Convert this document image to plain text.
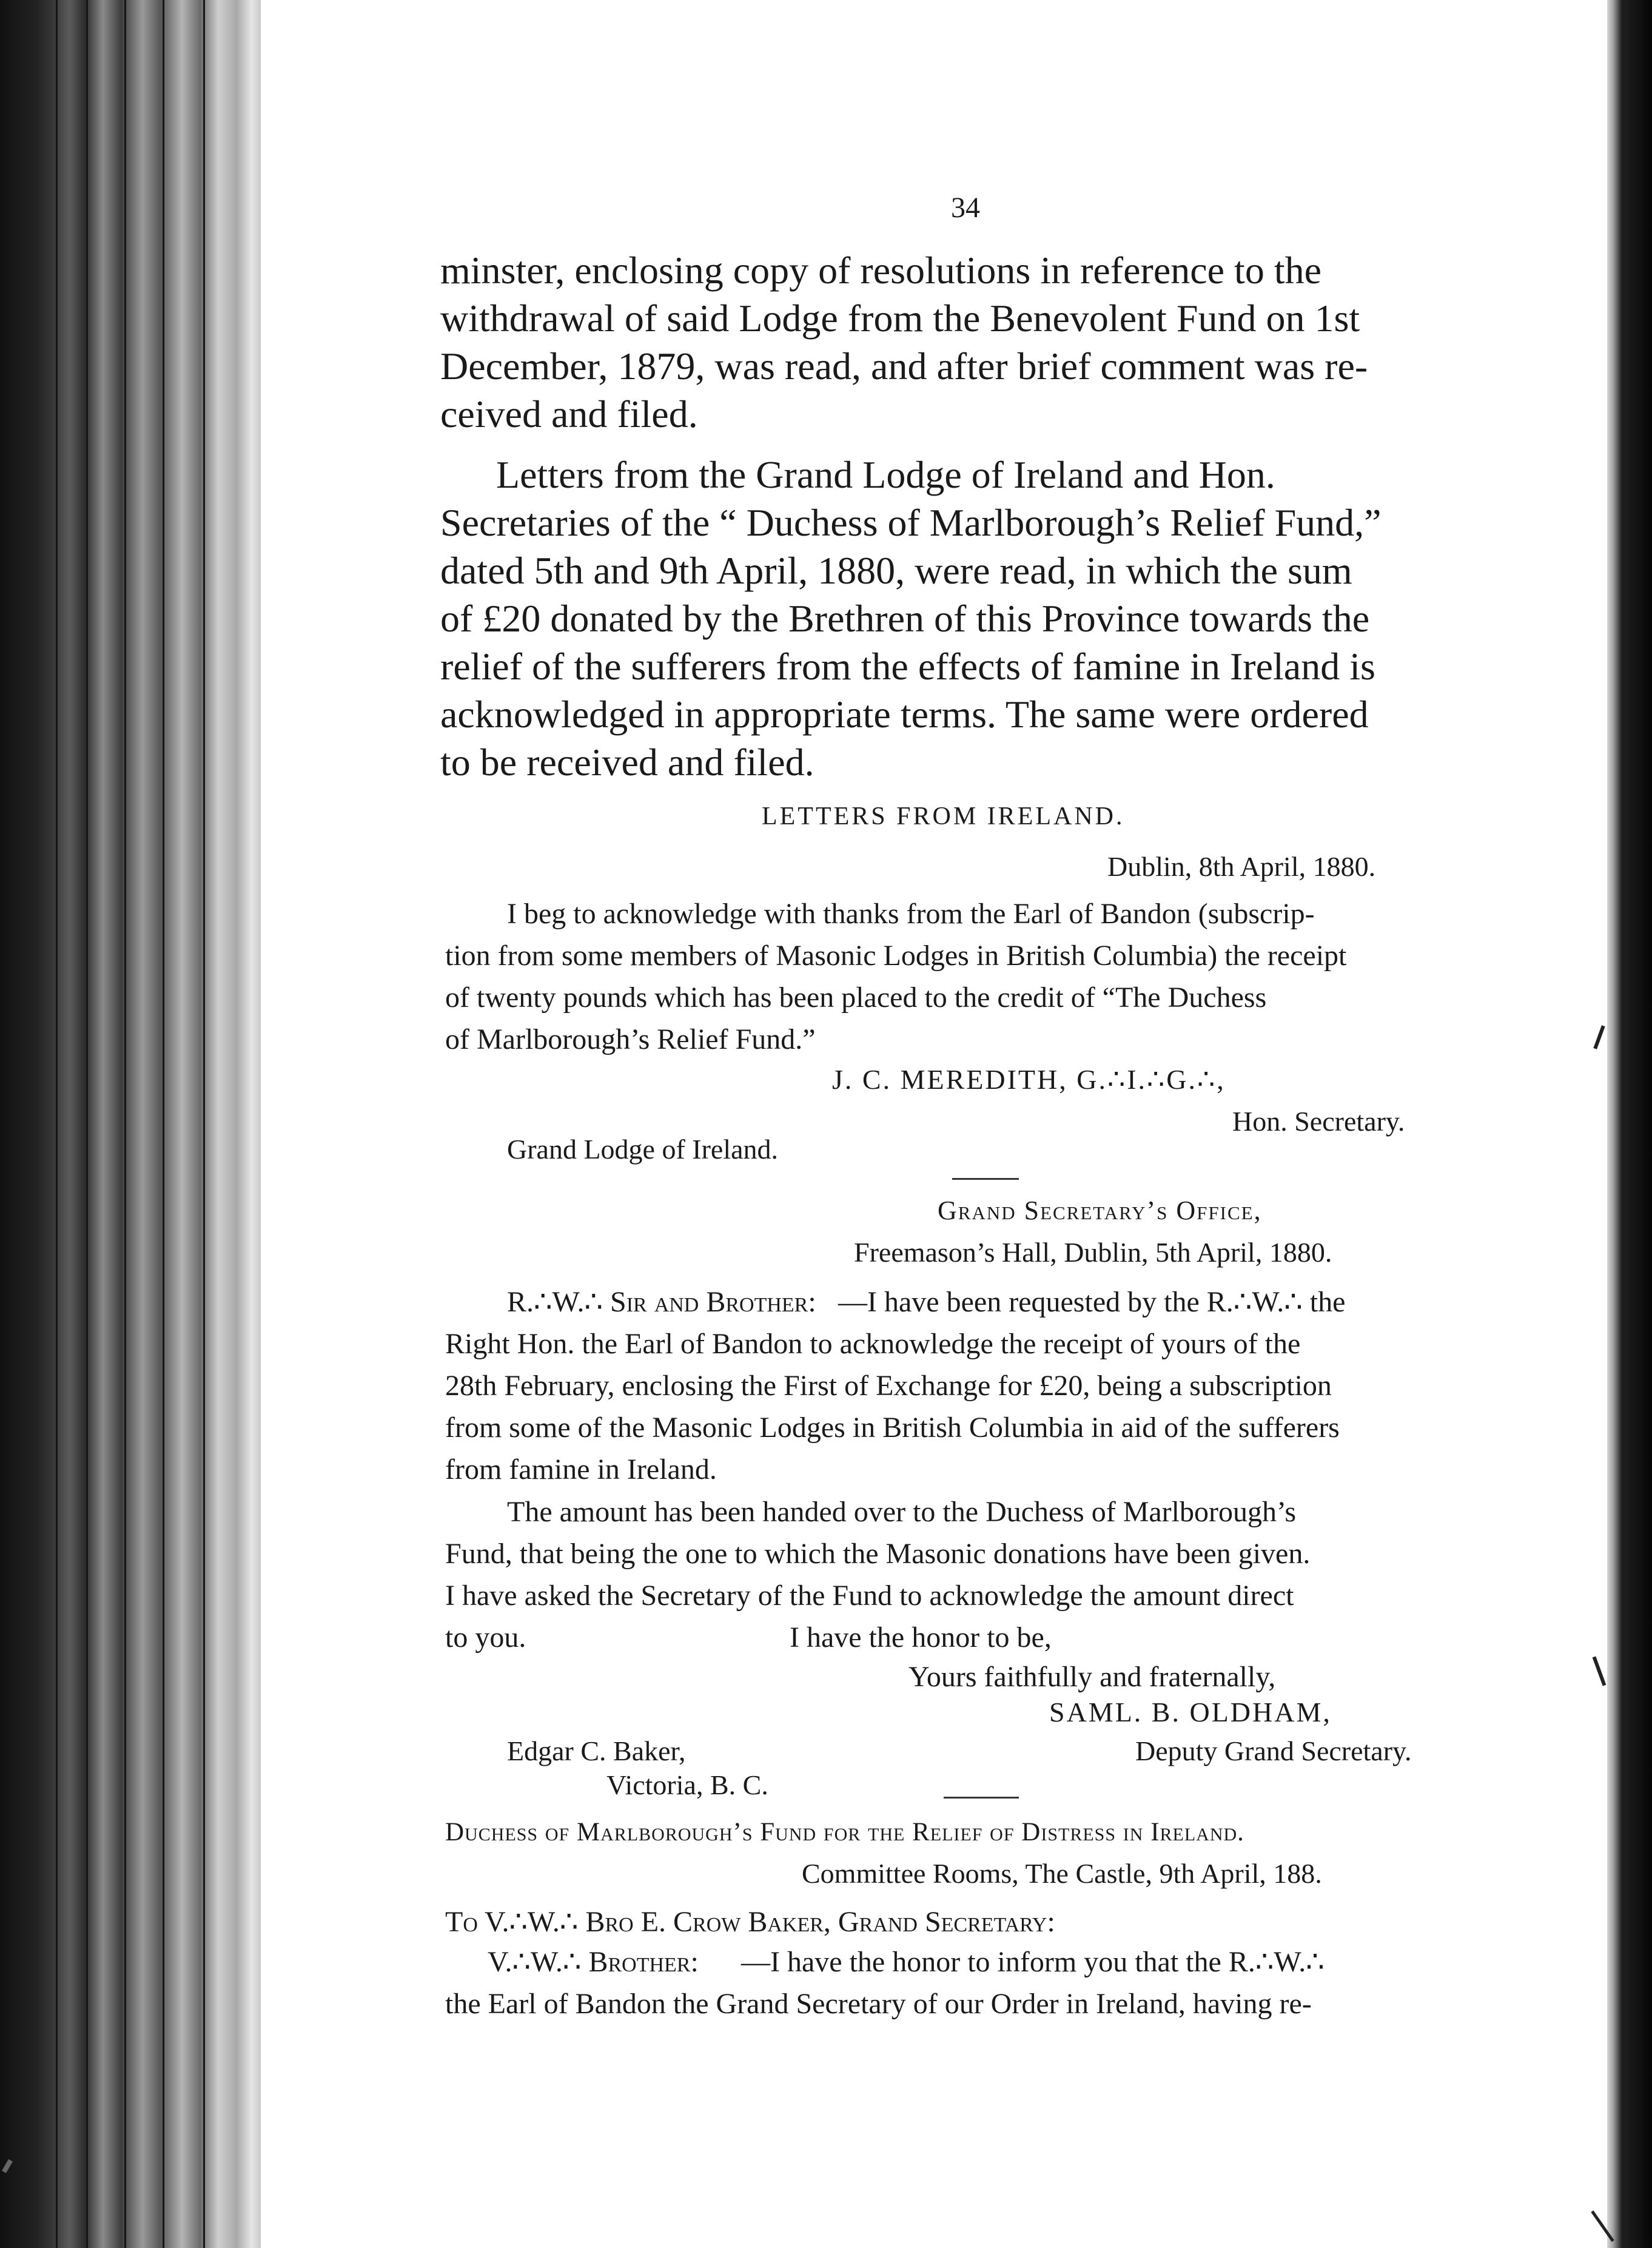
34

minster, enclosing copy of resolutions in reference to the

withdrawal of said Lodge from the Benevolent Fund on 1st

December, 1879, was read, and after brief comment was re-

ceived and filed.

Letters from the Grand Lodge of Ireland and Hon.

Secretaries of the “ Duchess of Marlborough’s Relief Fund,”

dated 5th and 9th April, 1880, were read, in which the sum

of £20 donated by the Brethren of this Province towards the

relief of the sufferers from the effects of famine in Ireland is

acknowledged in appropriate terms. The same were ordered

to be received and filed.

LETTERS FROM IRELAND.

Dublin, 8th April, 1880.

I beg to acknowledge with thanks from the Earl of Bandon (subscrip-

tion from some members of Masonic Lodges in British Columbia) the receipt

of twenty pounds which has been placed to the credit of “The Duchess

of Marlborough’s Relief Fund.”

J. C. MEREDITH, G.∴I.∴G.∴,

Hon. Secretary.

Grand Lodge of Ireland.

Grand Secretary’s Office,

Freemason’s Hall, Dublin, 5th April, 1880.

R.∴W.∴ Sir and Brother: —I have been requested by the R.∴W.∴ the

Right Hon. the Earl of Bandon to acknowledge the receipt of yours of the

28th February, enclosing the First of Exchange for £20, being a subscription

from some of the Masonic Lodges in British Columbia in aid of the sufferers

from famine in Ireland.

The amount has been handed over to the Duchess of Marlborough’s

Fund, that being the one to which the Masonic donations have been given.

I have asked the Secretary of the Fund to acknowledge the amount direct

to you.	I have the honor to be,

Yours faithfully and fraternally,

SAML. B. OLDHAM,

Deputy Grand Secretary.

Edgar C. Baker,

Victoria, B. C.

Duchess of Marlborough’s Fund for the Relief of Distress in Ireland.

Committee Rooms, The Castle, 9th April, 188.

To V.∴W.∴ Bro E. Crow Baker, Grand Secretary:

V.∴W.∴ Brother: —I have the honor to inform you that the R.∴W.∴

the Earl of Bandon the Grand Secretary of our Order in Ireland, having re-
